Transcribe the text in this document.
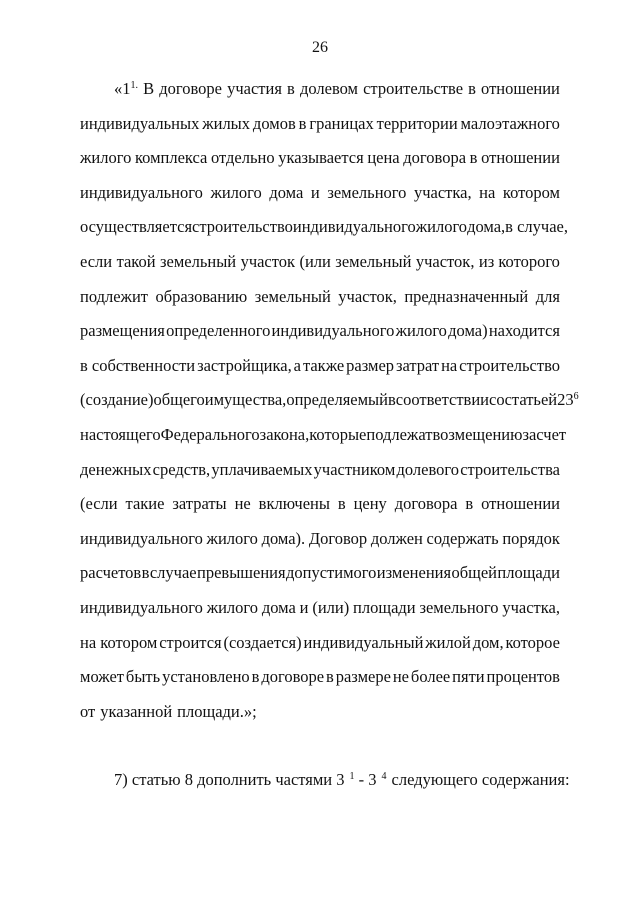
26
«$1^{1.}$ В договоре участия в долевом строительстве в отношении
индивидуальных жилых домов в границах территории малоэтажного
жилого комплекса отдельно указывается цена договора в отношении
индивидуального жилого дома и земельного участка, на котором
осуществляется строительство индивидуального жилого дома, в случае,
если такой земельный участок (или земельный участок, из которого
подлежит образованию земельный участок, предназначенный для
размещения определенного индивидуального жилого дома) находится
в собственности застройщика, а также размер затрат на строительство
(создание) общего имущества, определяемый в соответствии со статьей $23^6$
настоящего Федерального закона, которые подлежат возмещению за счет
денежных средств, уплачиваемых участником долевого строительства
(если такие затраты не включены в цену договора в отношении
индивидуального жилого дома). Договор должен содержать порядок
расчетов в случае превышения допустимого изменения общей площади
индивидуального жилого дома и (или) площади земельного участка,
на котором строится (создается) индивидуальный жилой дом, которое
может быть установлено в договоре в размере не более пяти процентов
от указанной площади.»;
7) статью 8 дополнить частями 3 $^1$ - 3 $^4$ следующего содержания:
